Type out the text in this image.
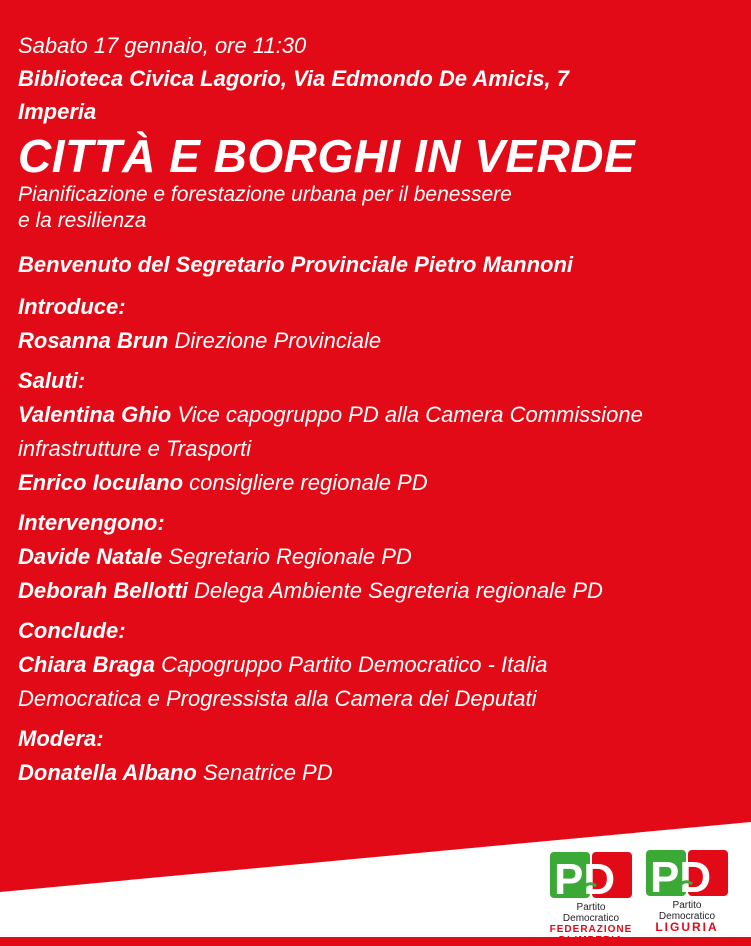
Sabato 17 gennaio, ore 11:30
Biblioteca Civica Lagorio, Via Edmondo De Amicis, 7
Imperia
CITTÀ E BORGHI IN VERDE
Pianificazione e forestazione urbana per il benessere
e la resilienza
Benvenuto del Segretario Provinciale Pietro Mannoni
Introduce:
Rosanna Brun Direzione Provinciale
Saluti:
Valentina Ghio Vice capogruppo PD alla Camera Commissione
infrastrutture e Trasporti
Enrico Ioculano consigliere regionale PD
Intervengono:
Davide Natale Segretario Regionale PD
Deborah Bellotti Delega Ambiente Segreteria regionale PD
Conclude:
Chiara Braga Capogruppo Partito Democratico - Italia
Democratica e Progressista alla Camera dei Deputati
Modera:
Donatella Albano Senatrice PD
PD
Partito Democratico
FEDERAZIONE
DI IMPERIA
PD
Partito Democratico
LIGURIA
